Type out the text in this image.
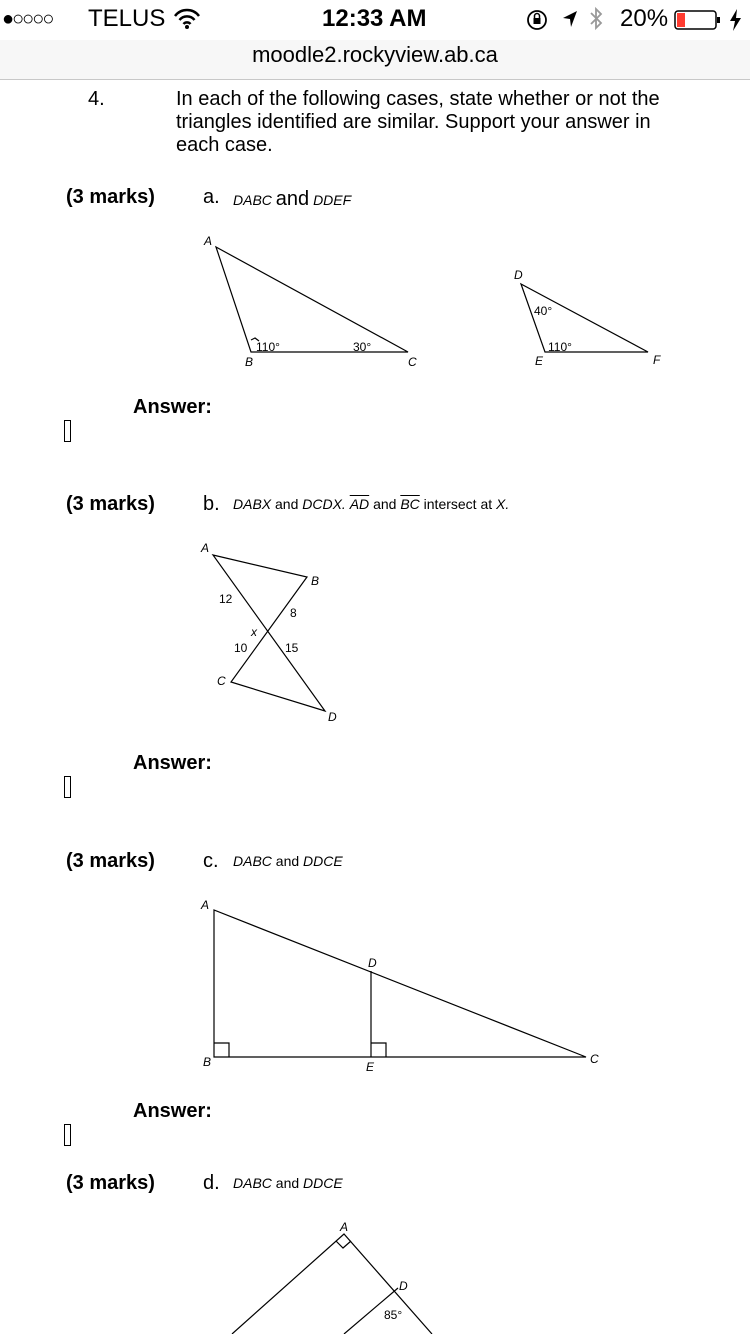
●○○○○ TELUS	12:33 AM	20%
moodle2.rockyview.ab.ca
4.	In each of the following cases, state whether or not the triangles identified are similar. Support your answer in each case.
(3 marks) a. DABC and DDEF
Answer:
(3 marks) b. DABX and DCDX. $\overline{AD}$ and $\overline{BC}$ intersect at X.
Answer:
(3 marks) c. DABC and DDCE
Answer:
(3 marks) d. DABC and DDCE
A
B	C
110°	30°
D
E	F
40°
110°
A
B
C
D
x
12
8
10	15
A
D
B	E
C
A
D
85°
